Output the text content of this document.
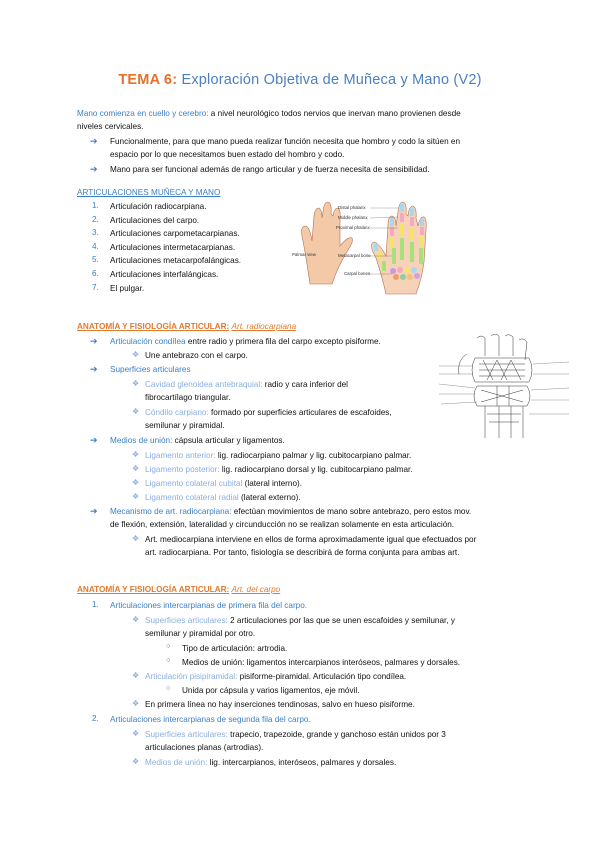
TEMA 6: Exploración Objetiva de Muñeca y Mano (V2)
Mano comienza en cuello y cerebro: a nivel neurológico todos nervios que inervan mano provienen desde
niveles cervicales.
➔ Funcionalmente, para que mano pueda realizar función necesita que hombro y codo la sitúen en
espacio por lo que necesitamos buen estado del hombro y codo.
➔ Mano para ser funcional además de rango articular y de fuerza necesita de sensibilidad.
ARTICULACIONES MUÑECA Y MANO
1. Articulación radiocarpiana.
2. Articulaciones del carpo.
3. Articulaciones carpometacarpianas.
4. Articulaciones intermetacarpianas.
5. Articulaciones metacarpofalángicas.
6. Articulaciones interfalángicas.
7. El pulgar.
Palmar view
Distal phalanx
Middle phalanx
Proximal phalanx
Metacarpal bone
Carpal bones
ANATOMÍA Y FISIOLOGÍA ARTICULAR: Art. radiocarpiana
➔ Articulación condílea entre radio y primera fila del carpo excepto pisiforme.
❖ Une antebrazo con el carpo.
➔ Superficies articulares
❖ Cavidad glenoidea antebraquial: radio y cara inferior del
fibrocartílago triangular.
❖ Cóndilo carpiano: formado por superficies articulares de escafoides,
semilunar y piramidal.
➔ Medios de unión: cápsula articular y ligamentos.
❖ Ligamento anterior: lig. radiocarpiano palmar y lig. cubitocarpiano palmar.
❖ Ligamento posterior: lig. radiocarpiano dorsal y lig. cubitocarpiano palmar.
❖ Ligamento colateral cubital (lateral interno).
❖ Ligamento colateral radial (lateral externo).
➔ Mecanismo de art. radiocarpiana: efectúan movimientos de mano sobre antebrazo, pero estos mov.
de flexión, extensión, lateralidad y circunducción no se realizan solamente en esta articulación.
❖ Art. mediocarpiana interviene en ellos de forma aproximadamente igual que efectuados por
art. radiocarpiana. Por tanto, fisiología se describirá de forma conjunta para ambas art.
ANATOMÍA Y FISIOLOGÍA ARTICULAR: Art. del carpo
1. Articulaciones intercarpianas de primera fila del carpo.
❖ Superficies articulares: 2 articulaciones por las que se unen escafoides y semilunar, y
semilunar y piramidal por otro.
○ Tipo de articulación: artrodia.
○ Medios de unión: ligamentos intercarpianos interóseos, palmares y dorsales.
❖ Articulación pisipiramidal: pisiforme-piramidal. Articulación tipo condílea.
○ Unida por cápsula y varios ligamentos, eje móvil.
❖ En primera línea no hay inserciones tendinosas, salvo en hueso pisiforme.
2. Articulaciones intercarpianas de segunda fila del carpo.
❖ Superficies articulares: trapecio, trapezoide, grande y ganchoso están unidos por 3
articulaciones planas (artrodias).
❖ Medios de unión: lig. intercarpianos, interóseos, palmares y dorsales.
